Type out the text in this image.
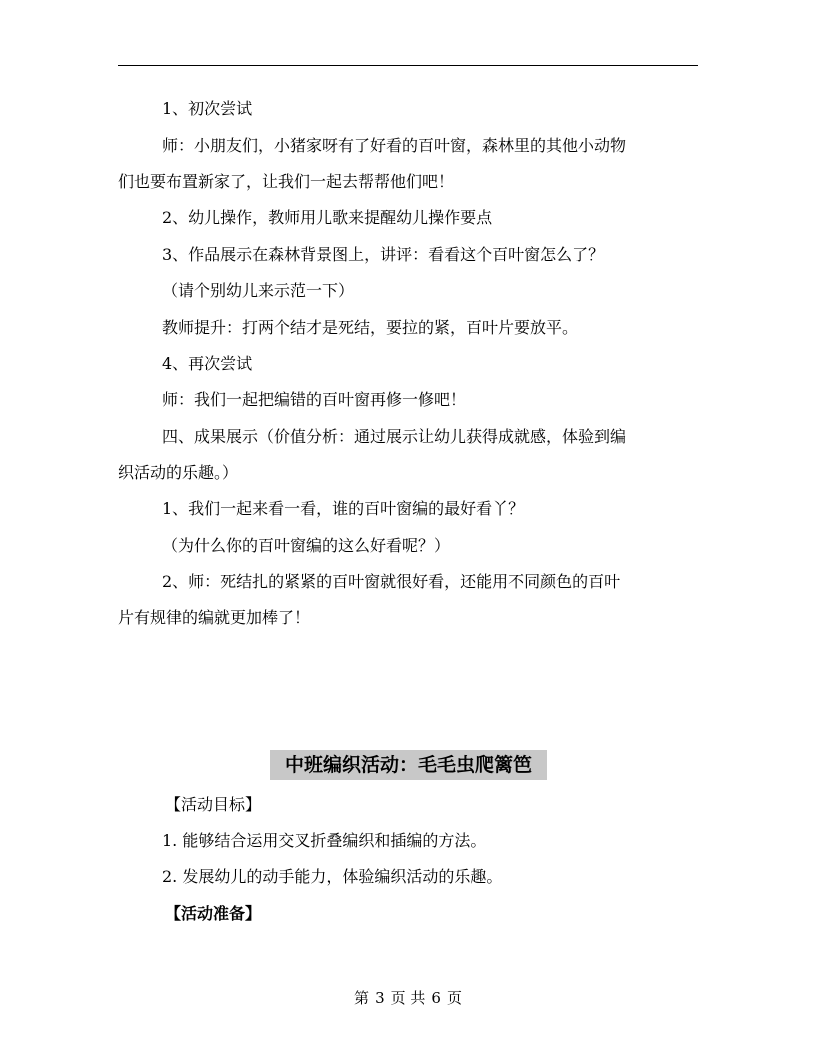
1、初次尝试
师：小朋友们，小猪家呀有了好看的百叶窗，森林里的其他小动物
们也要布置新家了，让我们一起去帮帮他们吧！
2、幼儿操作，教师用儿歌来提醒幼儿操作要点
3、作品展示在森林背景图上，讲评：看看这个百叶窗怎么了？
（请个别幼儿来示范一下）
教师提升：打两个结才是死结，要拉的紧，百叶片要放平。
4、再次尝试
师：我们一起把编错的百叶窗再修一修吧！
四、成果展示（价值分析：通过展示让幼儿获得成就感，体验到编
织活动的乐趣。）
1、我们一起来看一看，谁的百叶窗编的最好看丫？
（为什么你的百叶窗编的这么好看呢？）
2、师：死结扎的紧紧的百叶窗就很好看，还能用不同颜色的百叶
片有规律的编就更加棒了！
中班编织活动：毛毛虫爬篱笆
【活动目标】
1. 能够结合运用交叉折叠编织和插编的方法。
2. 发展幼儿的动手能力，体验编织活动的乐趣。
【活动准备】
第 3 页 共 6 页
